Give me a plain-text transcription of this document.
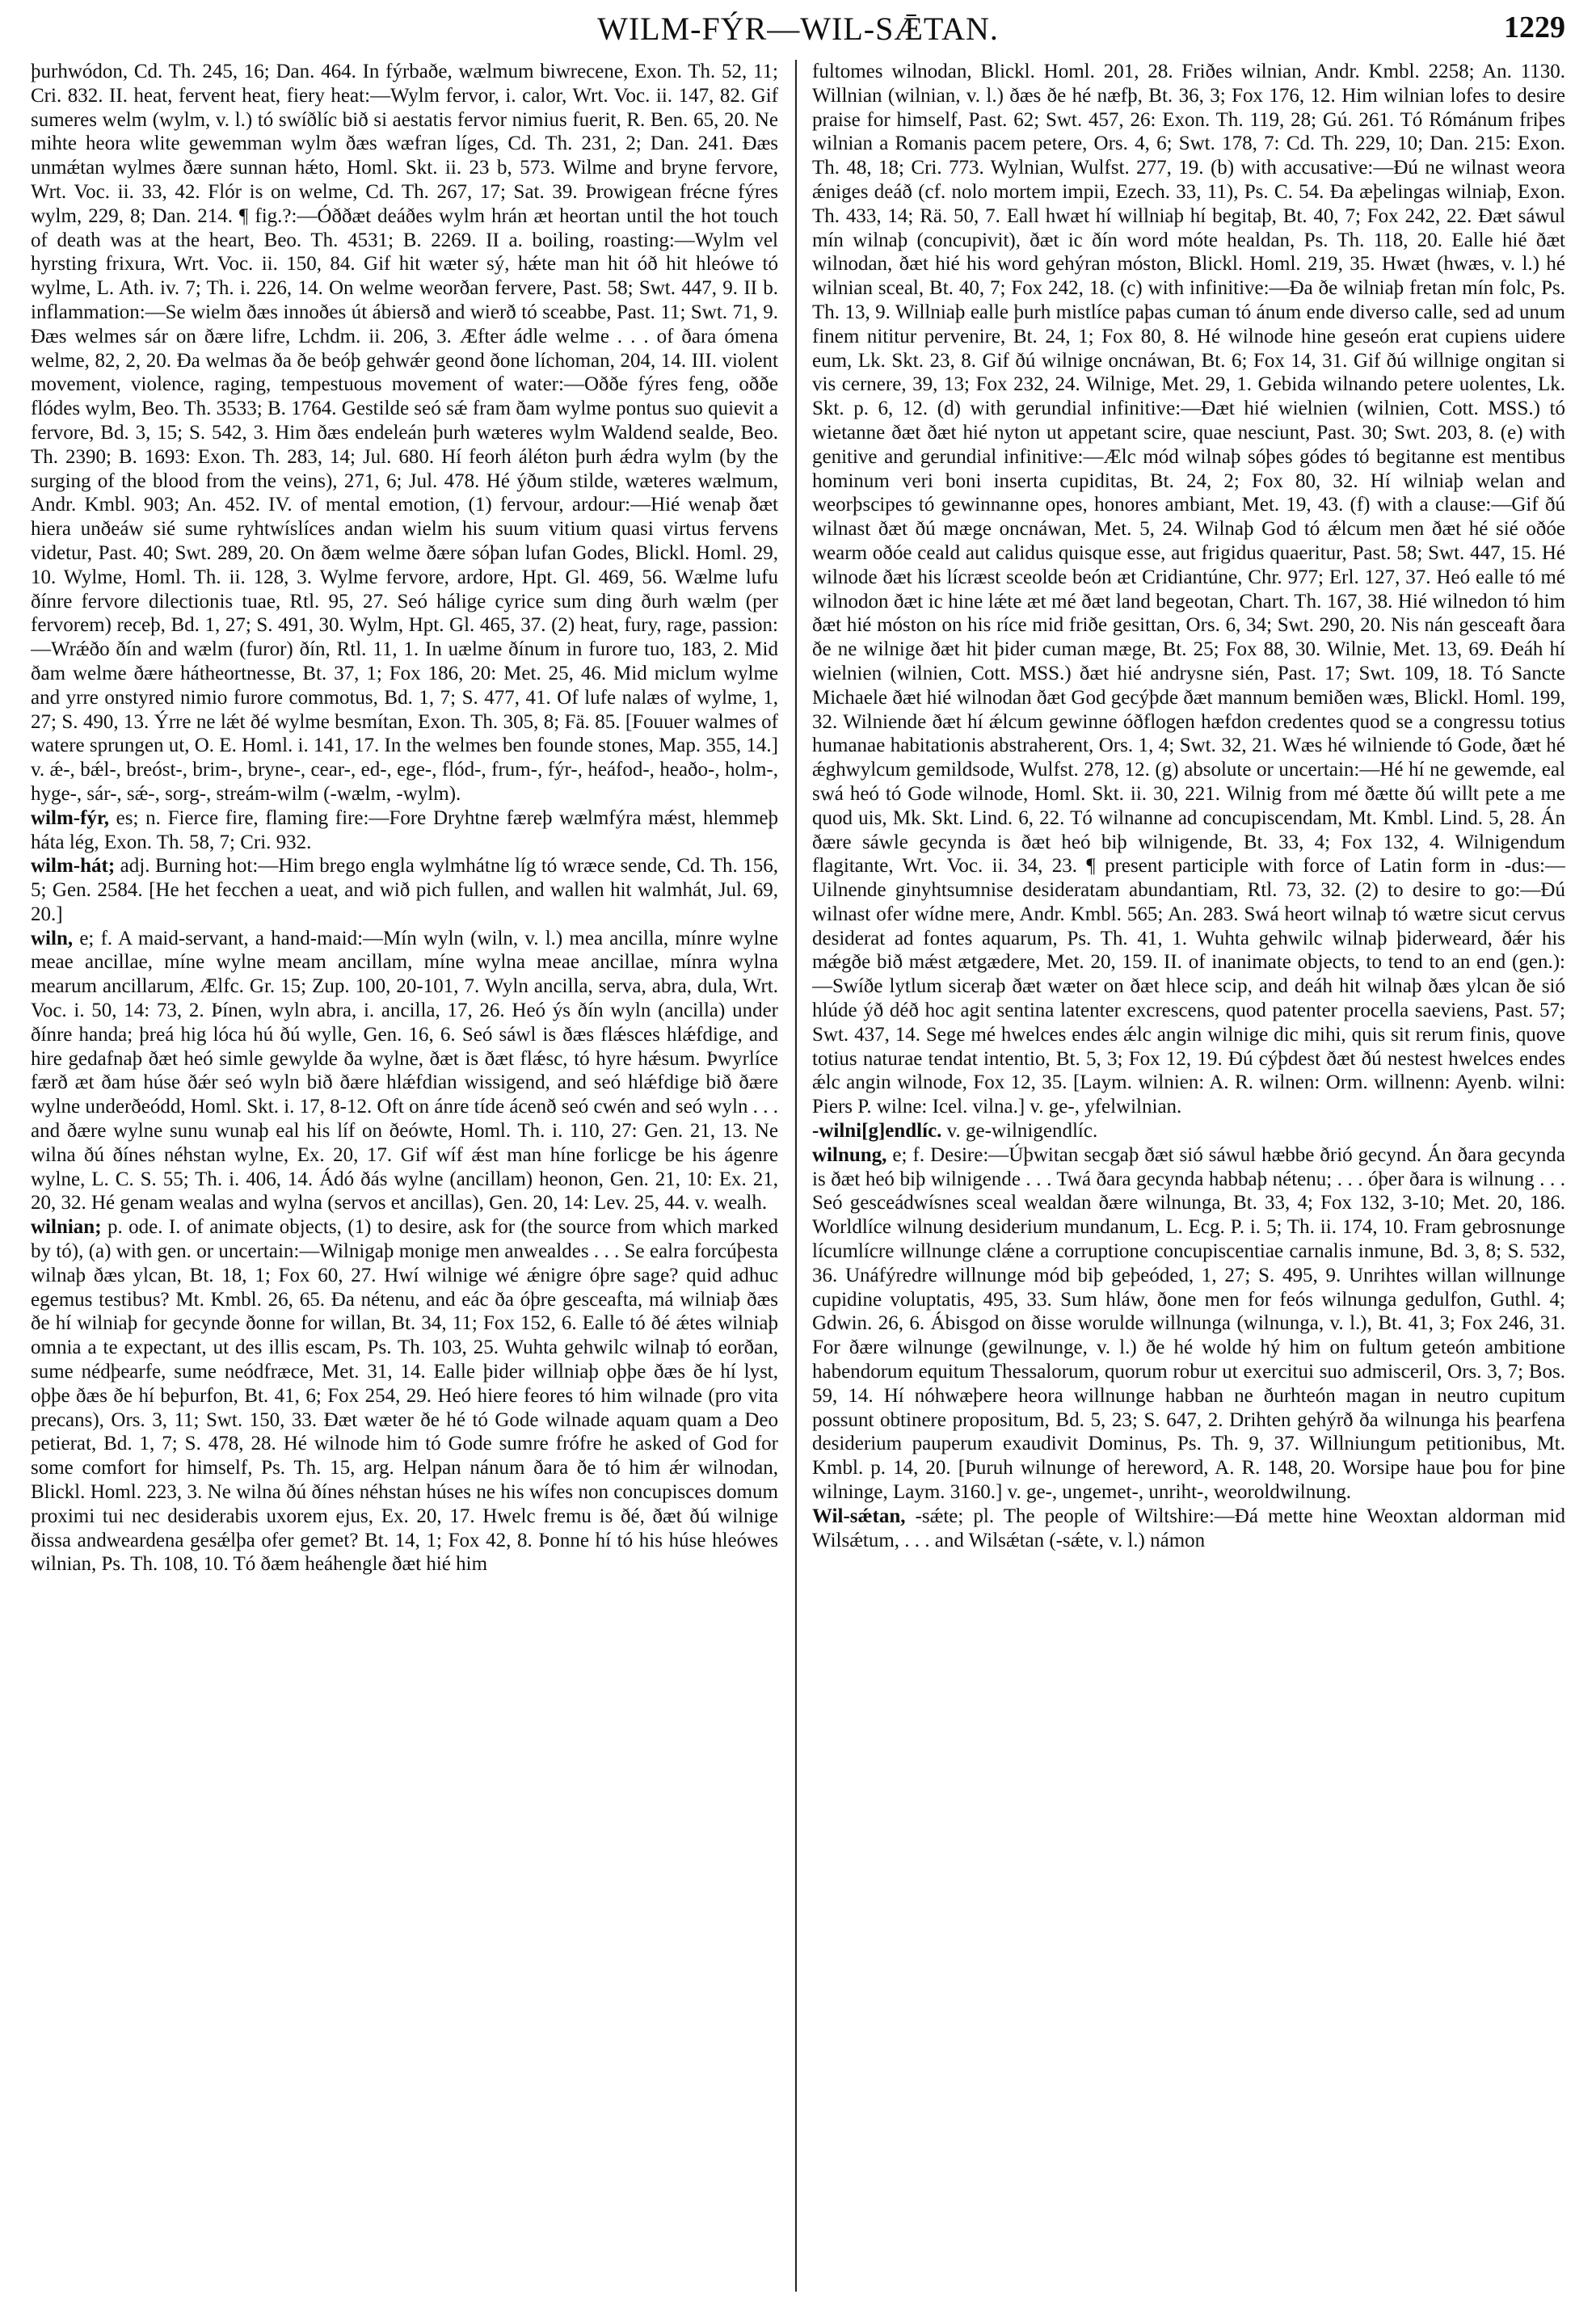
WILM-FÝR—WIL-SǢTAN.	1229

þurhwódon, Cd. Th. 245, 16; Dan. 464. In fýrbaðe, wælmum biwrecene, Exon. Th. 52, 11; Cri. 832. II. heat, fervent heat, fiery heat:—Wylm fervor, i. calor, Wrt. Voc. ii. 147, 82. Gif sumeres welm (wylm, v. l.) tó swíðlíc bið si aestatis fervor nimius fuerit, R. Ben. 65, 20. Ne mihte heora wlite gewemman wylm ðæs wæfran líges, Cd. Th. 231, 2; Dan. 241. Ðæs unmǽtan wylmes ðære sunnan hǽto, Homl. Skt. ii. 23 b, 573. Wilme and bryne fervore, Wrt. Voc. ii. 33, 42. Flór is on welme, Cd. Th. 267, 17; Sat. 39. Þrowigean frécne fýres wylm, 229, 8; Dan. 214. ¶ fig.?:—Óððæt deáðes wylm hrán æt heortan until the hot touch of death was at the heart, Beo. Th. 4531; B. 2269. II a. boiling, roasting:—Wylm vel hyrsting frixura, Wrt. Voc. ii. 150, 84. Gif hit wæter sý, hǽte man hit óð hit hleówe tó wylme, L. Ath. iv. 7; Th. i. 226, 14. On welme weorðan fervere, Past. 58; Swt. 447, 9. II b. inflammation:—Se wielm ðæs innoðes út ábiersð and wierð tó sceabbe, Past. 11; Swt. 71, 9. Ðæs welmes sár on ðære lifre, Lchdm. ii. 206, 3. Æfter ádle welme . . . of ðara ómena welme, 82, 2, 20. Ða welmas ða ðe beóþ gehwǽr geond ðone líchoman, 204, 14. III. violent movement, violence, raging, tempestuous movement of water:—Oððe fýres feng, oððe flódes wylm, Beo. Th. 3533; B. 1764. Gestilde seó sǽ fram ðam wylme pontus suo quievit a fervore, Bd. 3, 15; S. 542, 3. Him ðæs endeleán þurh wæteres wylm Waldend sealde, Beo. Th. 2390; B. 1693: Exon. Th. 283, 14; Jul. 680. Hí feorh áléton þurh ǽdra wylm (by the surging of the blood from the veins), 271, 6; Jul. 478. Hé ýðum stilde, wæteres wælmum, Andr. Kmbl. 903; An. 452. IV. of mental emotion, (1) fervour, ardour:—Hié wenaþ ðæt hiera unðeáw sié sume ryhtwíslíces andan wielm his suum vitium quasi virtus fervens videtur, Past. 40; Swt. 289, 20. On ðæm welme ðære sóþan lufan Godes, Blickl. Homl. 29, 10. Wylme, Homl. Th. ii. 128, 3. Wylme fervore, ardore, Hpt. Gl. 469, 56. Wælme lufu ðínre fervore dilectionis tuae, Rtl. 95, 27. Seó hálige cyrice sum ding ðurh wælm (per fervorem) receþ, Bd. 1, 27; S. 491, 30. Wylm, Hpt. Gl. 465, 37. (2) heat, fury, rage, passion:—Wrǽðo ðín and wælm (furor) ðín, Rtl. 11, 1. In uælme ðínum in furore tuo, 183, 2. Mid ðam welme ðære hátheortnesse, Bt. 37, 1; Fox 186, 20: Met. 25, 46. Mid miclum wylme and yrre onstyred nimio furore commotus, Bd. 1, 7; S. 477, 41. Of lufe nalæs of wylme, 1, 27; S. 490, 13. Ýrre ne lǽt ðé wylme besmítan, Exon. Th. 305, 8; Fä. 85. [Fouuer walmes of watere sprungen ut, O. E. Homl. i. 141, 17. In the welmes ben founde stones, Map. 355, 14.] v. ǽ-, bǽl-, breóst-, brim-, bryne-, cear-, ed-, ege-, flód-, frum-, fýr-, heáfod-, heaðo-, holm-, hyge-, sár-, sǽ-, sorg-, streám-wilm (-wælm, -wylm).

wilm-fýr, es; n. Fierce fire, flaming fire:—Fore Dryhtne færeþ wælmfýra mǽst, hlemmeþ háta lég, Exon. Th. 58, 7; Cri. 932.

wilm-hát; adj. Burning hot:—Him brego engla wylmhátne líg tó wræce sende, Cd. Th. 156, 5; Gen. 2584. [He het fecchen a ueat, and wið pich fullen, and wallen hit walmhát, Jul. 69, 20.]

wiln, e; f. A maid-servant, a hand-maid:—Mín wyln (wiln, v. l.) mea ancilla, mínre wylne meae ancillae, míne wylne meam ancillam, míne wylna meae ancillae, mínra wylna mearum ancillarum, Ælfc. Gr. 15; Zup. 100, 20-101, 7. Wyln ancilla, serva, abra, dula, Wrt. Voc. i. 50, 14: 73, 2. Þínen, wyln abra, i. ancilla, 17, 26. Heó ýs ðín wyln (ancilla) under ðínre handa; þreá hig lóca hú ðú wylle, Gen. 16, 6. Seó sáwl is ðæs flǽsces hlǽfdige, and hire gedafnaþ ðæt heó simle gewylde ða wylne, ðæt is ðæt flǽsc, tó hyre hǽsum. Þwyrlíce færð æt ðam húse ðǽr seó wyln bið ðære hlǽfdian wissigend, and seó hlǽfdige bið ðære wylne underðeódd, Homl. Skt. i. 17, 8-12. Oft on ánre tíde ácenð seó cwén and seó wyln . . . and ðære wylne sunu wunaþ eal his líf on ðeówte, Homl. Th. i. 110, 27: Gen. 21, 13. Ne wilna ðú ðínes néhstan wylne, Ex. 20, 17. Gif wíf ǽst man híne forlicge be his ágenre wylne, L. C. S. 55; Th. i. 406, 14. Ádó ðás wylne (ancillam) heonon, Gen. 21, 10: Ex. 21, 20, 32. Hé genam wealas and wylna (servos et ancillas), Gen. 20, 14: Lev. 25, 44. v. wealh.

wilnian; p. ode. I. of animate objects, (1) to desire, ask for (the source from which marked by tó), (a) with gen. or uncertain:—Wilnigaþ monige men anwealdes . . . Se ealra forcúþesta wilnaþ ðæs ylcan, Bt. 18, 1; Fox 60, 27. Hwí wilnige wé ǽnigre óþre sage? quid adhuc egemus testibus? Mt. Kmbl. 26, 65. Ða nétenu, and eác ða óþre gesceafta, má wilniaþ ðæs ðe hí wilniaþ for gecynde ðonne for willan, Bt. 34, 11; Fox 152, 6. Ealle tó ðé ǽtes wilniaþ omnia a te expectant, ut des illis escam, Ps. Th. 103, 25. Wuhta gehwilc wilnaþ tó eorðan, sume nédþearfe, sume neódfræce, Met. 31, 14. Ealle þider willniaþ oþþe ðæs ðe hí lyst, oþþe ðæs ðe hí beþurfon, Bt. 41, 6; Fox 254, 29. Heó hiere feores tó him wilnade (pro vita precans), Ors. 3, 11; Swt. 150, 33. Ðæt wæter ðe hé tó Gode wilnade aquam quam a Deo petierat, Bd. 1, 7; S. 478, 28. Hé wilnode him tó Gode sumre frófre he asked of God for some comfort for himself, Ps. Th. 15, arg. Helpan nánum ðara ðe tó him ǽr wilnodan, Blickl. Homl. 223, 3. Ne wilna ðú ðínes néhstan húses ne his wífes non concupisces domum proximi tui nec desiderabis uxorem ejus, Ex. 20, 17. Hwelc fremu is ðé, ðæt ðú wilnige ðissa andweardena gesǽlþa ofer gemet? Bt. 14, 1; Fox 42, 8. Þonne hí tó his húse hleówes wilnian, Ps. Th. 108, 10. Tó ðæm heáhengle ðæt hié him

fultomes wilnodan, Blickl. Homl. 201, 28. Friðes wilnian, Andr. Kmbl. 2258; An. 1130. Willnian (wilnian, v. l.) ðæs ðe hé næfþ, Bt. 36, 3; Fox 176, 12. Him wilnian lofes to desire praise for himself, Past. 62; Swt. 457, 26: Exon. Th. 119, 28; Gú. 261. Tó Rómánum friþes wilnian a Romanis pacem petere, Ors. 4, 6; Swt. 178, 7: Cd. Th. 229, 10; Dan. 215: Exon. Th. 48, 18; Cri. 773. Wylnian, Wulfst. 277, 19. (b) with accusative:—Ðú ne wilnast weora ǽniges deáð (cf. nolo mortem impii, Ezech. 33, 11), Ps. C. 54. Ða æþelingas wilniaþ, Exon. Th. 433, 14; Rä. 50, 7. Eall hwæt hí willniaþ hí begitaþ, Bt. 40, 7; Fox 242, 22. Ðæt sáwul mín wilnaþ (concupivit), ðæt ic ðín word móte healdan, Ps. Th. 118, 20. Ealle hié ðæt wilnodan, ðæt hié his word gehýran móston, Blickl. Homl. 219, 35. Hwæt (hwæs, v. l.) hé wilnian sceal, Bt. 40, 7; Fox 242, 18. (c) with infinitive:—Ða ðe wilniaþ fretan mín folc, Ps. Th. 13, 9. Willniaþ ealle þurh mistlíce paþas cuman tó ánum ende diverso calle, sed ad unum finem nititur pervenire, Bt. 24, 1; Fox 80, 8. Hé wilnode hine geseón erat cupiens uidere eum, Lk. Skt. 23, 8. Gif ðú wilnige oncnáwan, Bt. 6; Fox 14, 31. Gif ðú willnige ongitan si vis cernere, 39, 13; Fox 232, 24. Wilnige, Met. 29, 1. Gebida wilnando petere uolentes, Lk. Skt. p. 6, 12. (d) with gerundial infinitive:—Ðæt hié wielnien (wilnien, Cott. MSS.) tó wietanne ðæt ðæt hié nyton ut appetant scire, quae nesciunt, Past. 30; Swt. 203, 8. (e) with genitive and gerundial infinitive:—Ælc mód wilnaþ sóþes gódes tó begitanne est mentibus hominum veri boni inserta cupiditas, Bt. 24, 2; Fox 80, 32. Hí wilniaþ welan and weorþscipes tó gewinnanne opes, honores ambiant, Met. 19, 43. (f) with a clause:—Gif ðú wilnast ðæt ðú mæge oncnáwan, Met. 5, 24. Wilnaþ God tó ǽlcum men ðæt hé sié oðóe wearm oðóe ceald aut calidus quisque esse, aut frigidus quaeritur, Past. 58; Swt. 447, 15. Hé wilnode ðæt his lícræst sceolde beón æt Cridiantúne, Chr. 977; Erl. 127, 37. Heó ealle tó mé wilnodon ðæt ic hine lǽte æt mé ðæt land begeotan, Chart. Th. 167, 38. Hié wilnedon tó him ðæt hié móston on his ríce mid friðe gesittan, Ors. 6, 34; Swt. 290, 20. Nis nán gesceaft ðara ðe ne wilnige ðæt hit þider cuman mæge, Bt. 25; Fox 88, 30. Wilnie, Met. 13, 69. Ðeáh hí wielnien (wilnien, Cott. MSS.) ðæt hié andrysne sién, Past. 17; Swt. 109, 18. Tó Sancte Michaele ðæt hié wilnodan ðæt God gecýþde ðæt mannum bemiðen wæs, Blickl. Homl. 199, 32. Wilniende ðæt hí ǽlcum gewinne óðflogen hæfdon credentes quod se a congressu totius humanae habitationis abstraherent, Ors. 1, 4; Swt. 32, 21. Wæs hé wilniende tó Gode, ðæt hé ǽghwylcum gemildsode, Wulfst. 278, 12. (g) absolute or uncertain:—Hé hí ne gewemde, eal swá heó tó Gode wilnode, Homl. Skt. ii. 30, 221. Wilnig from mé ðætte ðú willt pete a me quod uis, Mk. Skt. Lind. 6, 22. Tó wilnanne ad concupiscendam, Mt. Kmbl. Lind. 5, 28. Án ðære sáwle gecynda is ðæt heó biþ wilnigende, Bt. 33, 4; Fox 132, 4. Wilnigendum flagitante, Wrt. Voc. ii. 34, 23. ¶ present participle with force of Latin form in -dus:—Uilnende ginyhtsumnise desideratam abundantiam, Rtl. 73, 32. (2) to desire to go:—Ðú wilnast ofer wídne mere, Andr. Kmbl. 565; An. 283. Swá heort wilnaþ tó wætre sicut cervus desiderat ad fontes aquarum, Ps. Th. 41, 1. Wuhta gehwilc wilnaþ þiderweard, ðǽr his mǽgðe bið mǽst ætgædere, Met. 20, 159. II. of inanimate objects, to tend to an end (gen.):—Swíðe lytlum siceraþ ðæt wæter on ðæt hlece scip, and deáh hit wilnaþ ðæs ylcan ðe sió hlúde ýð déð hoc agit sentina latenter excrescens, quod patenter procella saeviens, Past. 57; Swt. 437, 14. Sege mé hwelces endes ǽlc angin wilnige dic mihi, quis sit rerum finis, quove totius naturae tendat intentio, Bt. 5, 3; Fox 12, 19. Ðú cýþdest ðæt ðú nestest hwelces endes ǽlc angin wilnode, Fox 12, 35. [Laym. wilnien: A. R. wilnen: Orm. willnenn: Ayenb. wilni: Piers P. wilne: Icel. vilna.] v. ge-, yfelwilnian.

-wilni[g]endlíc. v. ge-wilnigendlíc.

wilnung, e; f. Desire:—Úþwitan secgaþ ðæt sió sáwul hæbbe ðrió gecynd. Án ðara gecynda is ðæt heó biþ wilnigende . . . Twá ðara gecynda habbaþ nétenu; . . . óþer ðara is wilnung . . . Seó gesceádwísnes sceal wealdan ðære wilnunga, Bt. 33, 4; Fox 132, 3-10; Met. 20, 186. Worldlíce wilnung desiderium mundanum, L. Ecg. P. i. 5; Th. ii. 174, 10. Fram gebrosnunge lícumlícre willnunge clǽne a corruptione concupiscentiae carnalis inmune, Bd. 3, 8; S. 532, 36. Unáfýredre willnunge mód biþ geþeóded, 1, 27; S. 495, 9. Unrihtes willan willnunge cupidine voluptatis, 495, 33. Sum hláw, ðone men for feós wilnunga gedulfon, Guthl. 4; Gdwin. 26, 6. Ábisgod on ðisse woruldе willnunga (wilnunga, v. l.), Bt. 41, 3; Fox 246, 31. For ðære wilnunge (gewilnunge, v. l.) ðe hé wolde hý him on fultum geteón ambitione habendorum equitum Thessalorum, quorum robur ut exercitui suo admisceril, Ors. 3, 7; Bos. 59, 14. Hí nóhwæþere heora willnunge habban ne ðurhteón magan in neutro cupitum possunt obtinere propositum, Bd. 5, 23; S. 647, 2. Drihten gehýrð ða wilnunga his þearfena desiderium pauperum exaudivit Dominus, Ps. Th. 9, 37. Willniungum petitionibus, Mt. Kmbl. p. 14, 20. [Þuruh wilnunge of hereword, A. R. 148, 20. Worsipe haue þou for þine wilninge, Laym. 3160.] v. ge-, ungemet-, unriht-, weoroldwilnung.

Wil-sǽtan, -sǽte; pl. The people of Wiltshire:—Ðá mette hine Weoxtan aldorman mid Wilsǽtum, . . . and Wilsǽtan (-sǽte, v. l.) námon
